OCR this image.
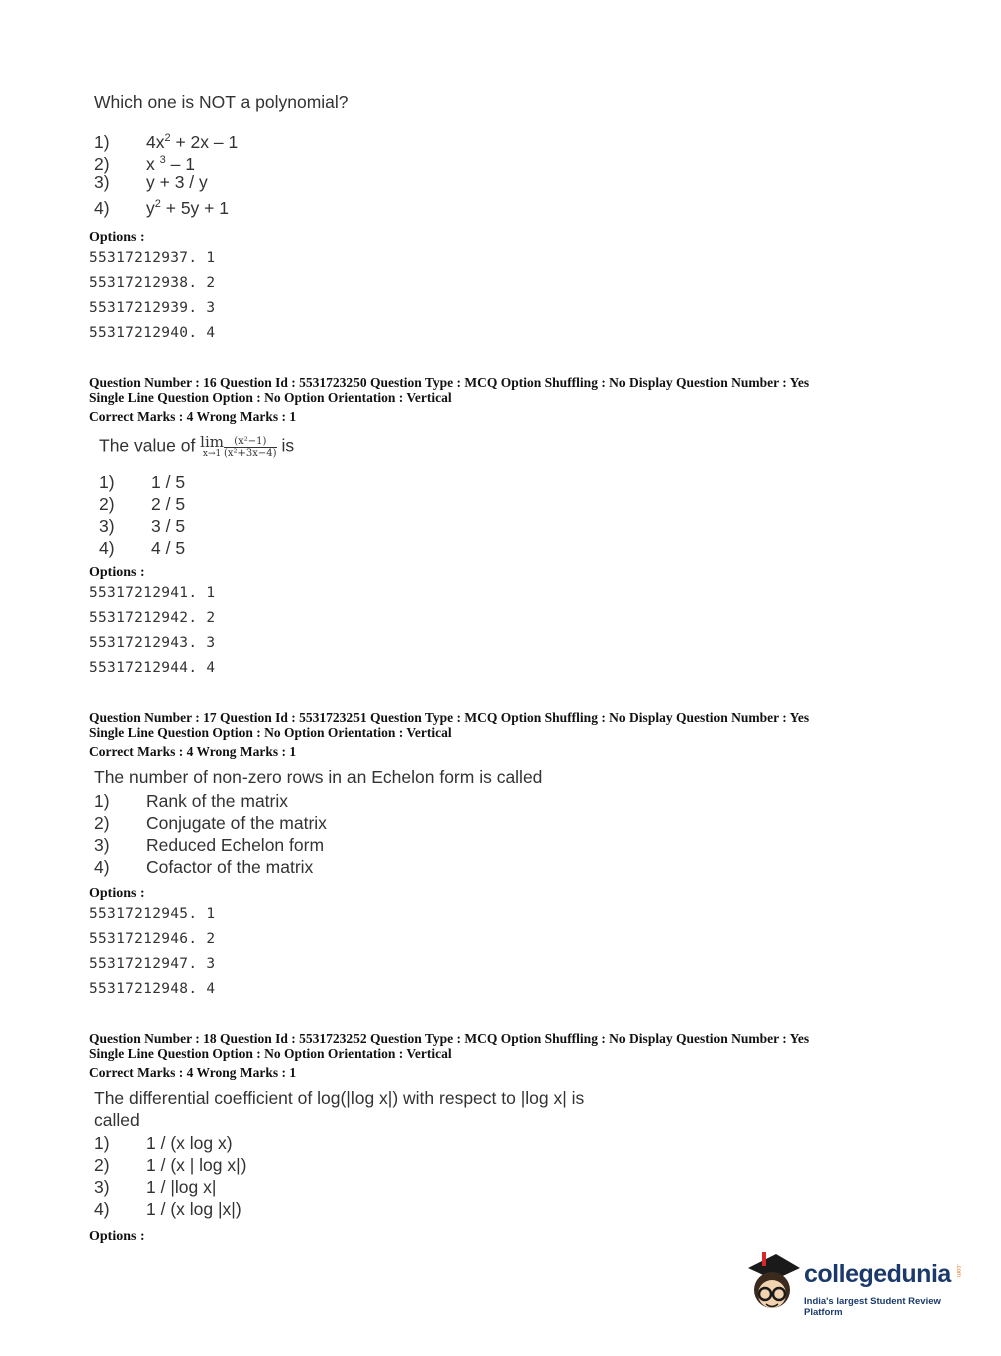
Which one is NOT a polynomial?
1) $4x^2 + 2x - 1$
2) x $^3$ – 1
3) y + 3 / y
4) $y^2 + 5y + 1$
Options :
55317212937. 1
55317212938. 2
55317212939. 3
55317212940. 4
Question Number : 16 Question Id : 5531723250 Question Type : MCQ Option Shuffling : No Display Question Number : Yes
Single Line Question Option : No Option Orientation : Vertical
Correct Marks : 4 Wrong Marks : 1
The value of lim
$x\to 1 \frac{\text{(x²−1)}}{\text{(x²+3x−4)}}$ is
1) 1 / 5
2) 2 / 5
3) 3 / 5
4) 4 / 5
Options :
55317212941. 1
55317212942. 2
55317212943. 3
55317212944. 4
Question Number : 17 Question Id : 5531723251 Question Type : MCQ Option Shuffling : No Display Question Number : Yes
Single Line Question Option : No Option Orientation : Vertical
Correct Marks : 4 Wrong Marks : 1
The number of non-zero rows in an Echelon form is called
1) Rank of the matrix
2) Conjugate of the matrix
3) Reduced Echelon form
4) Cofactor of the matrix
Options :
55317212945. 1
55317212946. 2
55317212947. 3
55317212948. 4
Question Number : 18 Question Id : 5531723252 Question Type : MCQ Option Shuffling : No Display Question Number : Yes
Single Line Question Option : No Option Orientation : Vertical
Correct Marks : 4 Wrong Marks : 1
The differential coefficient of log(|log x|) with respect to |log x| is
called
1) 1 / (x log x)
2) 1 / (x | log x|)
3) 1 / |log x|
4) 1 / (x log |x|)
Options :
collegedunia .com
India's largest Student Review Platform
